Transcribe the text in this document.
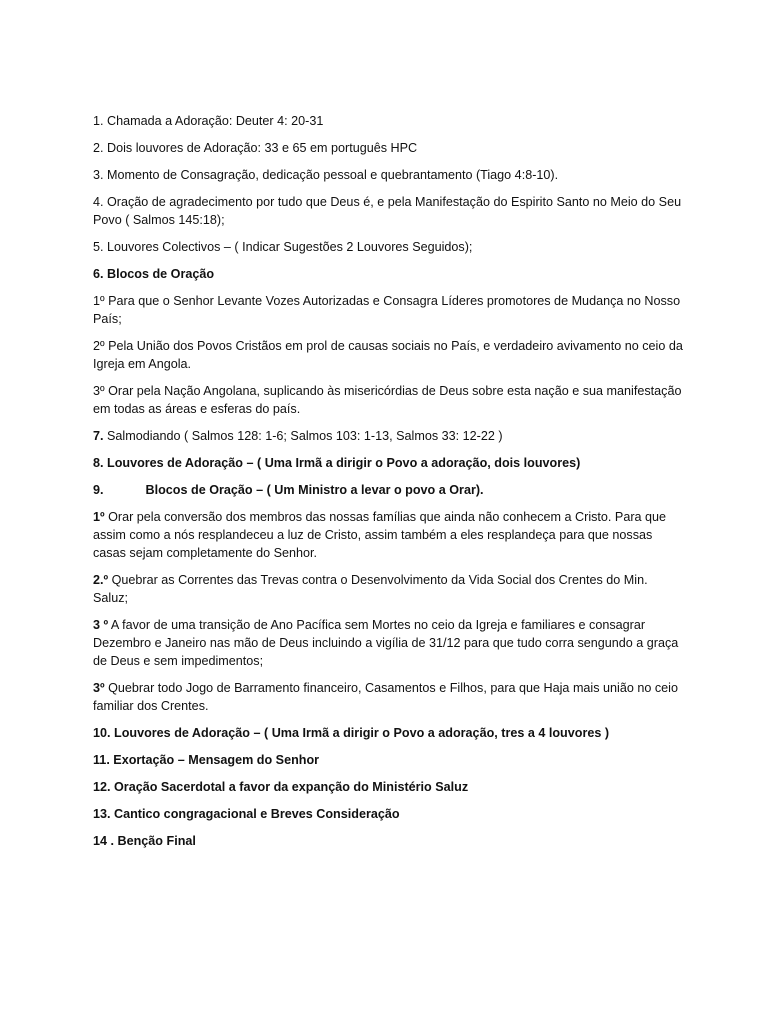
1. Chamada a Adoração: Deuter 4: 20-31

2. Dois louvores de Adoração: 33 e 65 em português HPC

3. Momento de Consagração, dedicação pessoal e quebrantamento (Tiago 4:8-10).

4. Oração de agradecimento por tudo que Deus é, e pela Manifestação do Espirito Santo no Meio do Seu Povo ( Salmos 145:18);

5. Louvores Colectivos – ( Indicar Sugestões 2 Louvores Seguidos);

6. Blocos de Oração

1º Para que o Senhor Levante Vozes Autorizadas e Consagra Líderes promotores de Mudança no Nosso País;

2º Pela União dos Povos Cristãos em prol de causas sociais no País, e verdadeiro avivamento no ceio da Igreja em Angola.

3º Orar pela Nação Angolana, suplicando às misericórdias de Deus sobre esta nação e sua manifestação em todas as áreas e esferas do país.

7. Salmodiando ( Salmos 128: 1-6; Salmos 103: 1-13, Salmos 33: 12-22 )

8. Louvores de Adoração – ( Uma Irmã a dirigir o Povo a adoração, dois louvores)

9.	Blocos de Oração – ( Um Ministro a levar o povo a Orar).

1º Orar pela conversão dos membros das nossas famílias que ainda não conhecem a Cristo. Para que assim como a nós resplandeceu a luz de Cristo, assim também a eles resplandeça para que nossas casas sejam completamente do Senhor.

2.º Quebrar as Correntes das Trevas contra o Desenvolvimento da Vida Social dos Crentes do Min. Saluz;

3 º A favor de uma transição de Ano Pacífica sem Mortes no ceio da Igreja e familiares e consagrar Dezembro e Janeiro nas mão de Deus incluindo a vigília de 31/12 para que tudo corra sengundo a graça de Deus e sem impedimentos;

3º Quebrar todo Jogo de Barramento financeiro, Casamentos e Filhos, para que Haja mais união no ceio familiar dos Crentes.

10. Louvores de Adoração – ( Uma Irmã a dirigir o Povo a adoração, tres a 4 louvores )

11. Exortação – Mensagem do Senhor

12. Oração Sacerdotal a favor da expanção do Ministério Saluz

13. Cantico congragacional e Breves Consideração

14 . Benção Final
